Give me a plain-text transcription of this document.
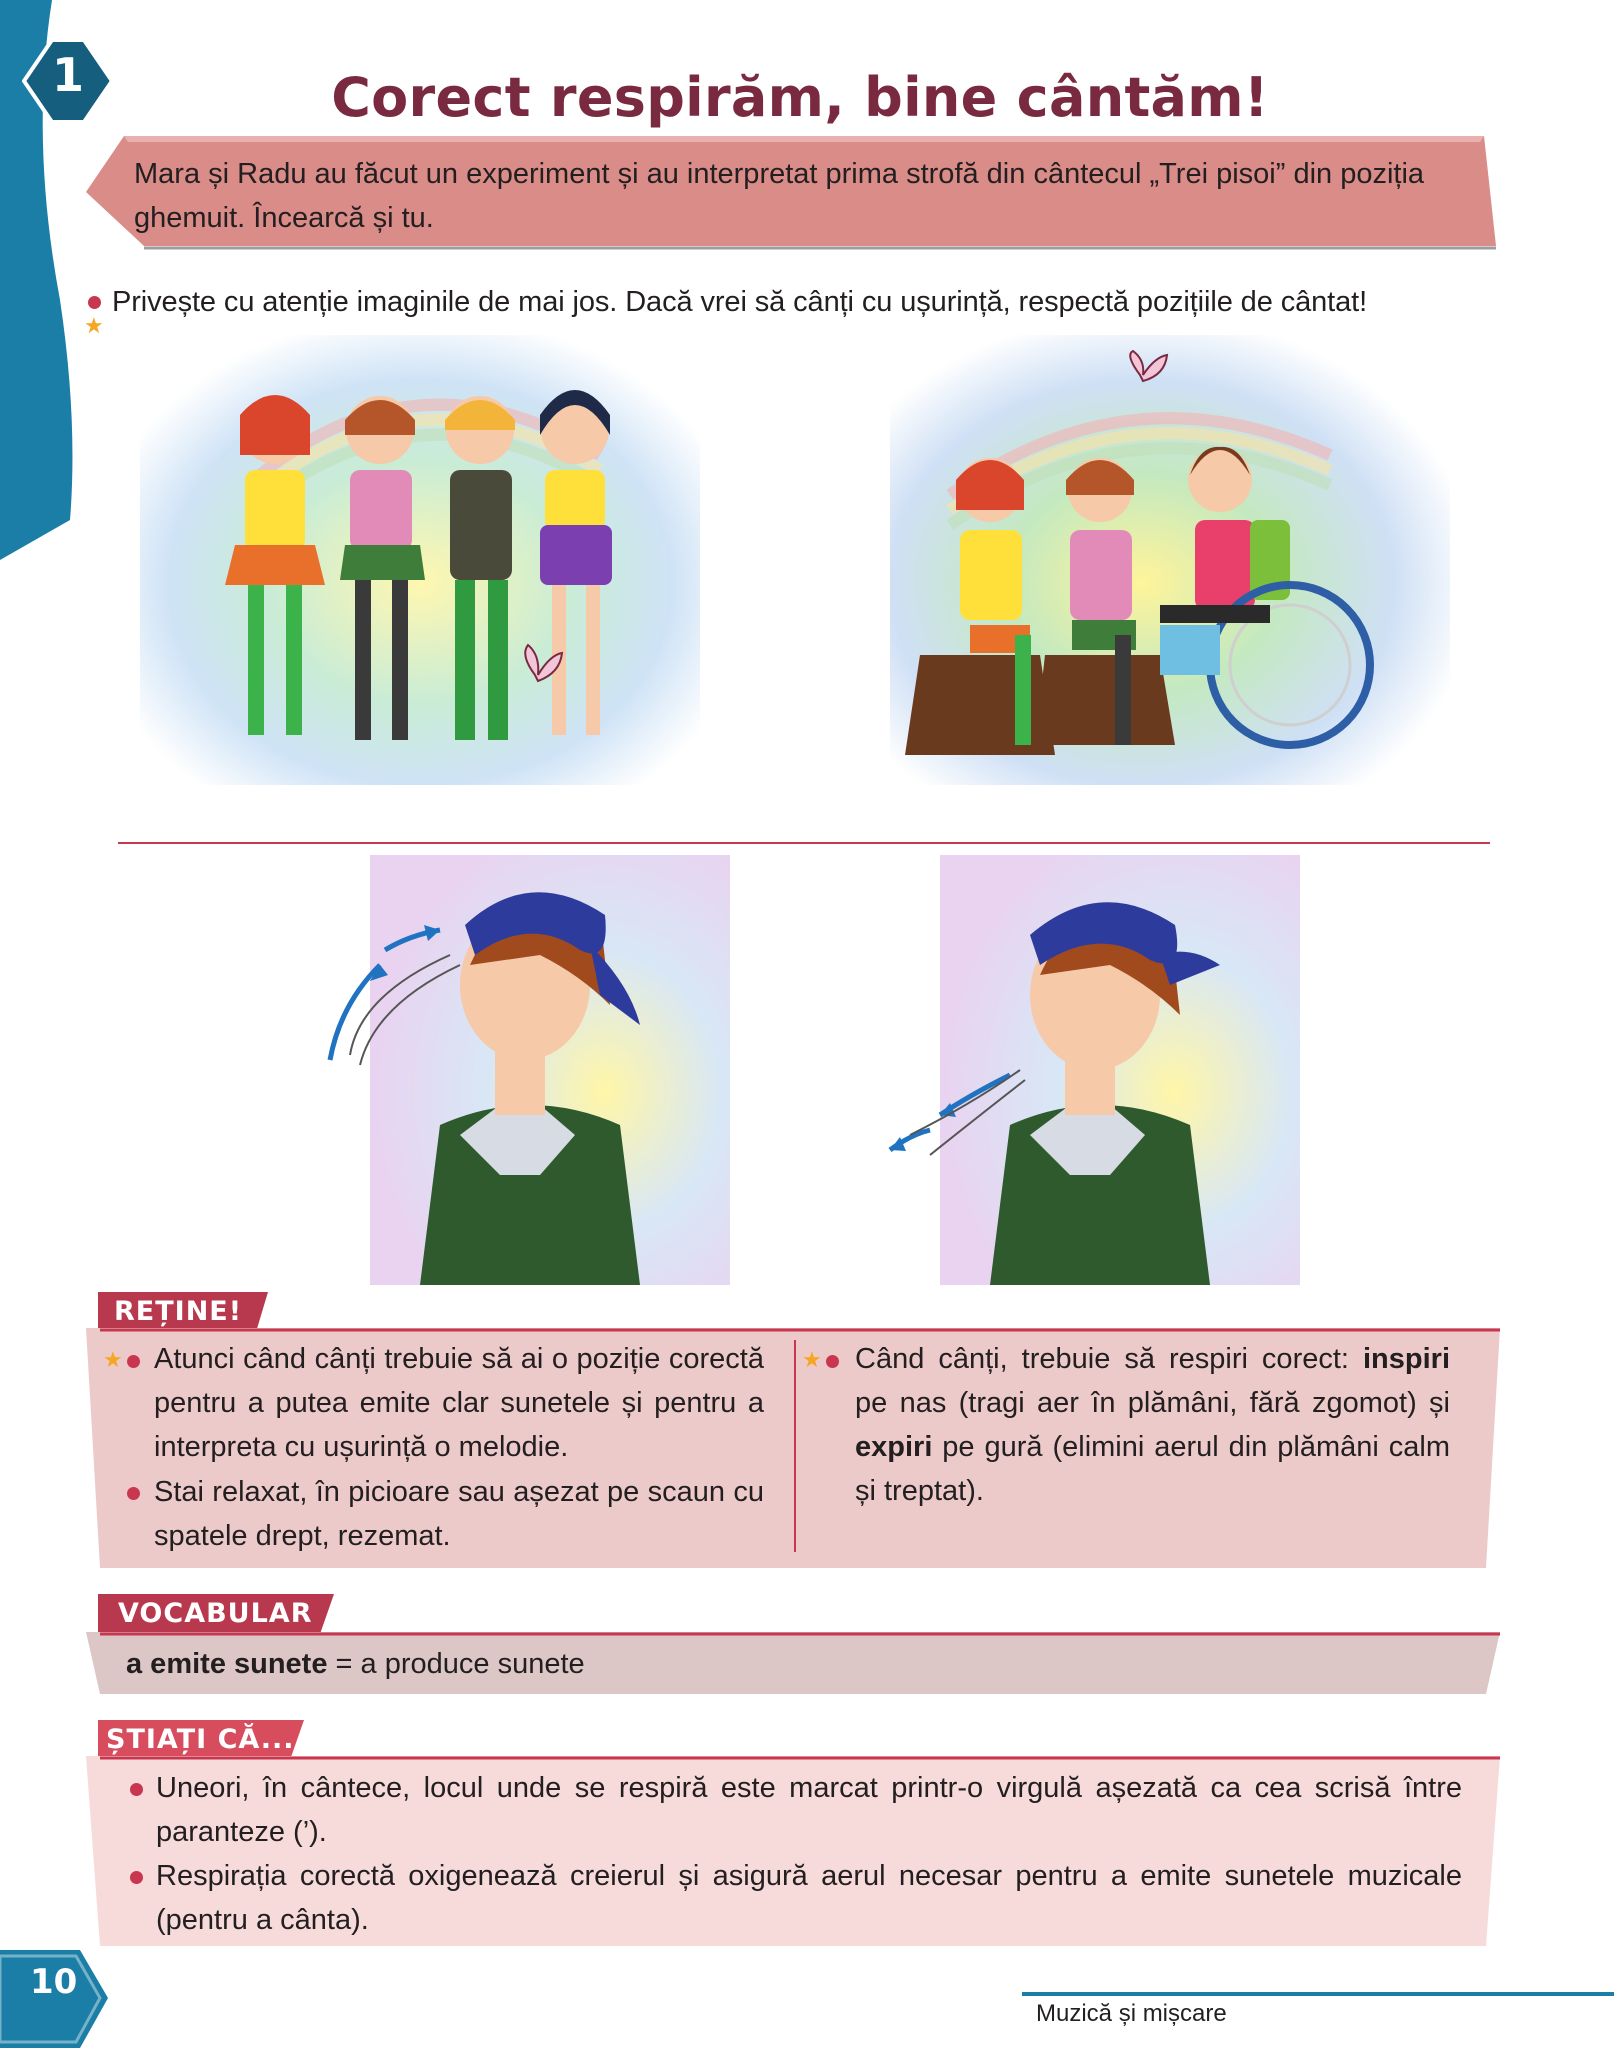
1	Corect respirăm, bine cântăm!

Mara și Radu au făcut un experiment și au interpretat prima strofă din cântecul „Trei pisoi” din poziția ghemuit. Încearcă și tu.

★

Privește cu atenție imaginile de mai jos. Dacă vrei să cânți cu ușurință, respectă pozițiile de cântat!

REȚINE!
★ Atunci când cânți trebuie să ai o poziție corectă pentru a putea emite clar sunetele și pentru a interpreta cu ușurință o melodie.

Stai relaxat, în picioare sau așezat pe scaun cu spatele drept, rezemat.

★ Când cânți, trebuie să respiri corect: inspiri pe nas (tragi aer în plămâni, fără zgomot) și expiri pe gură (elimini aerul din plămâni calm și treptat).

VOCABULAR

a emite sunete = a produce sunete

ȘTIAȚI CĂ...

Uneori, în cântece, locul unde se respiră este marcat printr-o virgulă așezată ca cea scrisă între paranteze (’).

Respirația corectă oxigenează creierul și asigură aerul necesar pentru a emite sunetele muzicale (pentru a cânta).

10
Muzică și mișcare
